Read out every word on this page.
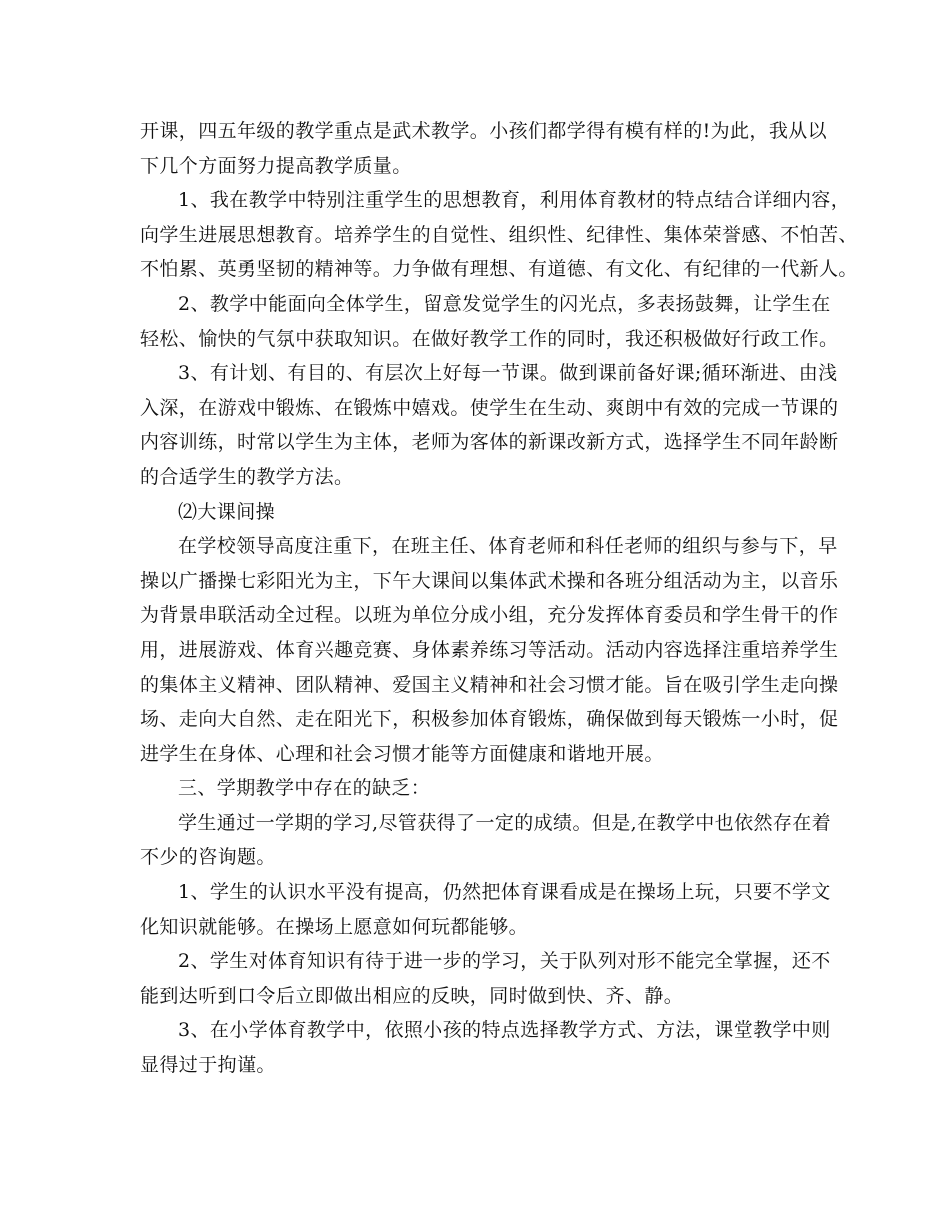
开课，四五年级的教学重点是武术教学。小孩们都学得有模有样的!为此，我从以
下几个方面努力提高教学质量。
1、我在教学中特别注重学生的思想教育，利用体育教材的特点结合详细内容，
向学生进展思想教育。培养学生的自觉性、组织性、纪律性、集体荣誉感、不怕苦、
不怕累、英勇坚韧的精神等。力争做有理想、有道德、有文化、有纪律的一代新人。
2、教学中能面向全体学生，留意发觉学生的闪光点，多表扬鼓舞，让学生在
轻松、愉快的气氛中获取知识。在做好教学工作的同时，我还积极做好行政工作。
3、有计划、有目的、有层次上好每一节课。做到课前备好课;循环渐进、由浅
入深，在游戏中锻炼、在锻炼中嬉戏。使学生在生动、爽朗中有效的完成一节课的
内容训练，时常以学生为主体，老师为客体的新课改新方式，选择学生不同年龄断
的合适学生的教学方法。
⑵大课间操
在学校领导高度注重下，在班主任、体育老师和科任老师的组织与参与下，早
操以广播操七彩阳光为主，下午大课间以集体武术操和各班分组活动为主，以音乐
为背景串联活动全过程。以班为单位分成小组，充分发挥体育委员和学生骨干的作
用，进展游戏、体育兴趣竞赛、身体素养练习等活动。活动内容选择注重培养学生
的集体主义精神、团队精神、爱国主义精神和社会习惯才能。旨在吸引学生走向操
场、走向大自然、走在阳光下，积极参加体育锻炼，确保做到每天锻炼一小时，促
进学生在身体、心理和社会习惯才能等方面健康和谐地开展。
三、学期教学中存在的缺乏：
学生通过一学期的学习,尽管获得了一定的成绩。但是,在教学中也依然存在着
不少的咨询题。
1、学生的认识水平没有提高，仍然把体育课看成是在操场上玩，只要不学文
化知识就能够。在操场上愿意如何玩都能够。
2、学生对体育知识有待于进一步的学习，关于队列对形不能完全掌握，还不
能到达听到口令后立即做出相应的反映，同时做到快、齐、静。
3、在小学体育教学中，依照小孩的特点选择教学方式、方法，课堂教学中则
显得过于拘谨。
